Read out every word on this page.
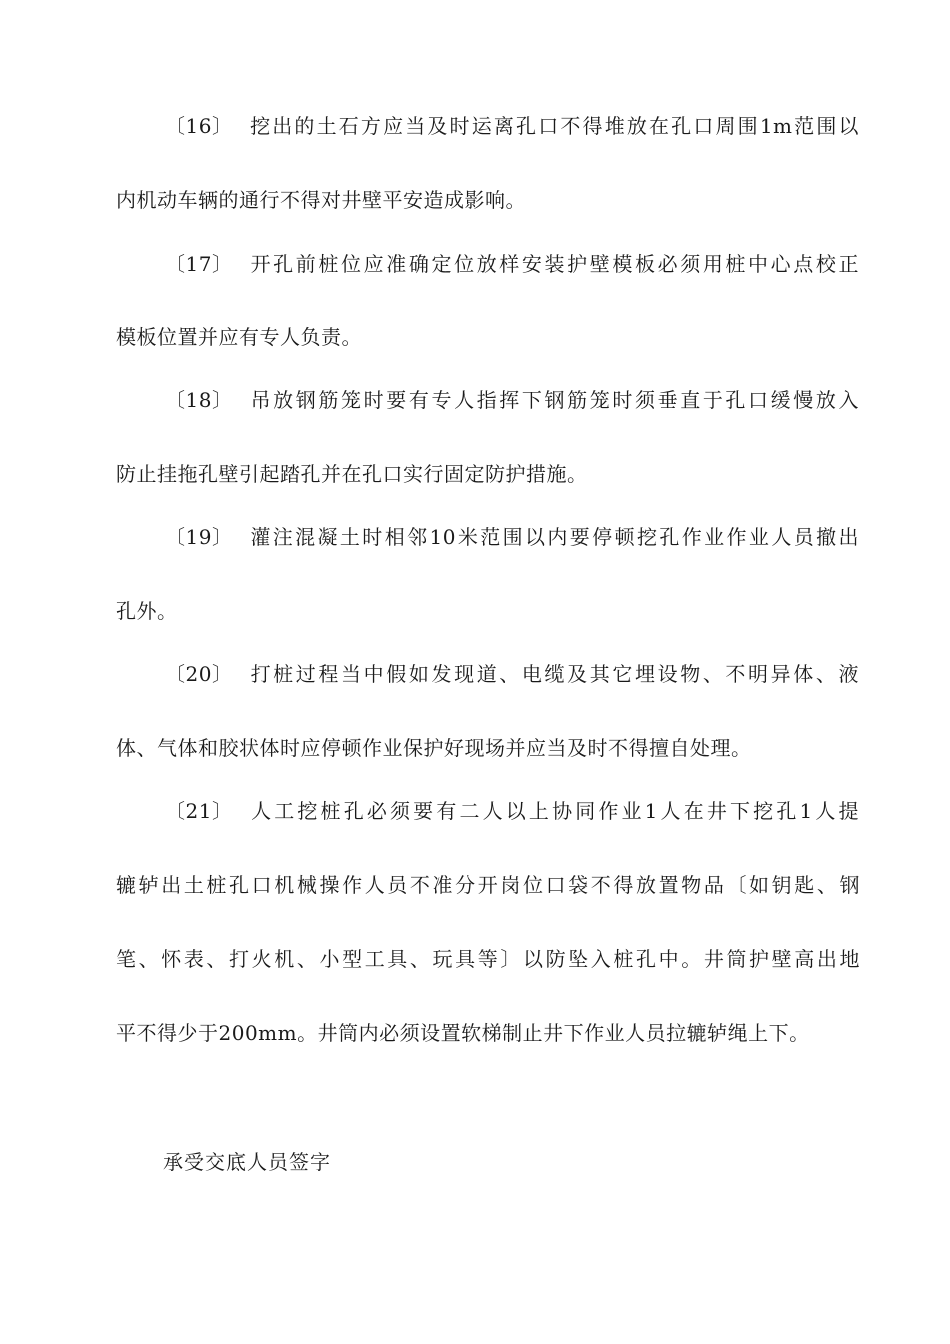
〔16〕 挖出的土石方应当及时运离孔口不得堆放在孔口周围1m范围以
内机动车辆的通行不得对井壁平安造成影响。
〔17〕 开孔前桩位应准确定位放样安装护壁模板必须用桩中心点校正
模板位置并应有专人负责。
〔18〕 吊放钢筋笼时要有专人指挥下钢筋笼时须垂直于孔口缓慢放入
防止挂拖孔壁引起踏孔并在孔口实行固定防护措施。
〔19〕 灌注混凝土时相邻10米范围以内要停顿挖孔作业作业人员撤出
孔外。
〔20〕 打桩过程当中假如发现道、电缆及其它埋设物、不明异体、液
体、气体和胶状体时应停顿作业保护好现场并应当及时不得擅自处理。
〔21〕 人工挖桩孔必须要有二人以上协同作业1人在井下挖孔1人提
辘轳出土桩孔口机械操作人员不准分开岗位口袋不得放置物品〔如钥匙、钢
笔、怀表、打火机、小型工具、玩具等〕以防坠入桩孔中。井筒护壁高出地
平不得少于200mm。井筒内必须设置软梯制止井下作业人员拉辘轳绳上下。
承受交底人员签字
